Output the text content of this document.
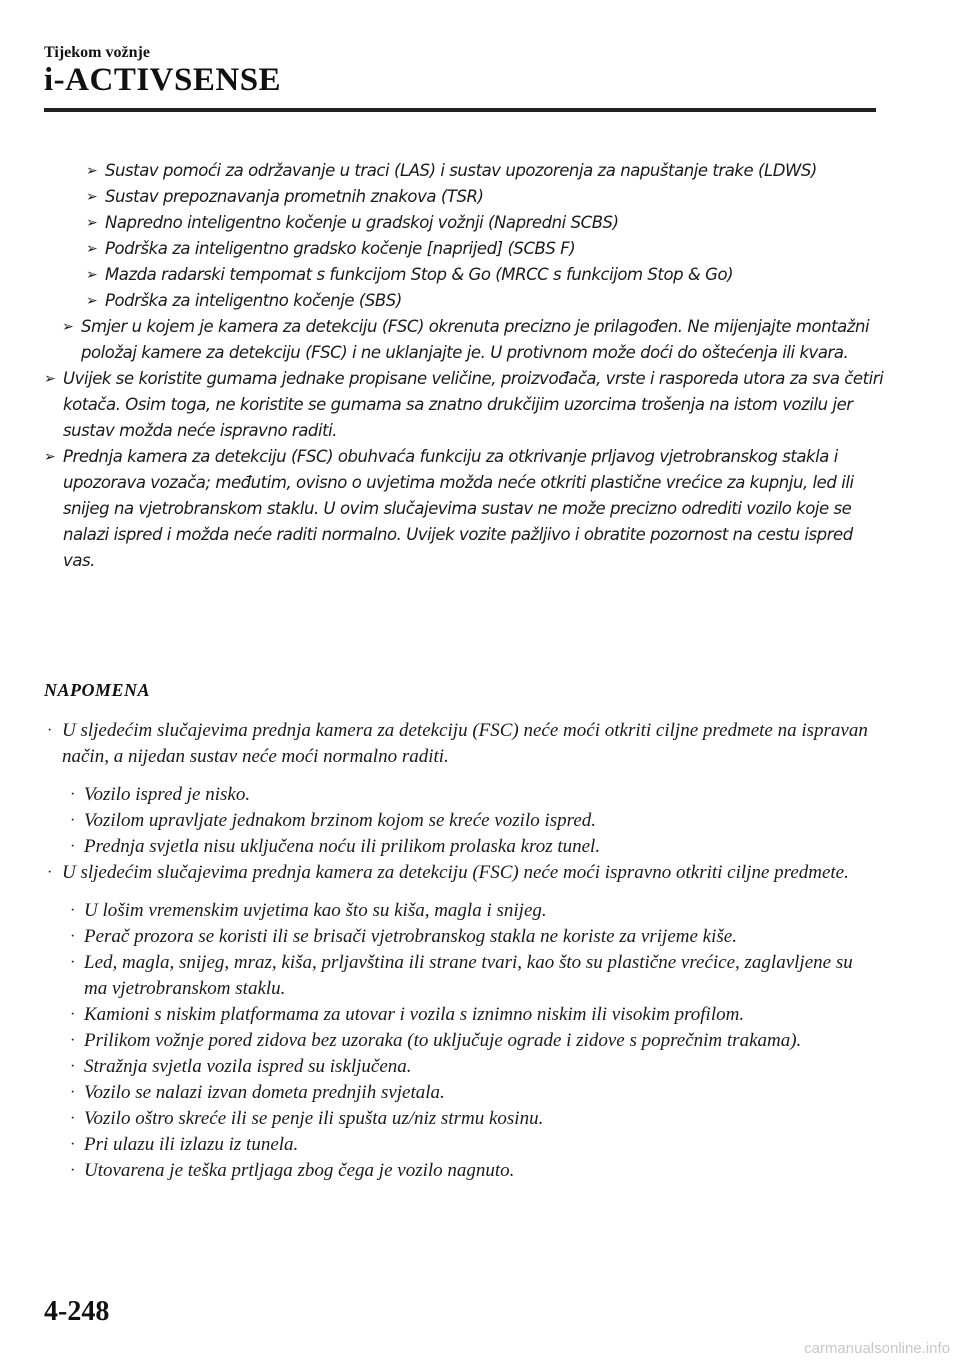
Tijekom vožnje
i-ACTIVSENSE
➢ Sustav pomoći za održavanje u traci (LAS) i sustav upozorenja za napuštanje trake (LDWS)
➢ Sustav prepoznavanja prometnih znakova (TSR)
➢ Napredno inteligentno kočenje u gradskoj vožnji (Napredni SCBS)
➢ Podrška za inteligentno gradsko kočenje [naprijed] (SCBS F)
➢ Mazda radarski tempomat s funkcijom Stop & Go (MRCC s funkcijom Stop & Go)
➢ Podrška za inteligentno kočenje (SBS)
➢ Smjer u kojem je kamera za detekciju (FSC) okrenuta precizno je prilagođen. Ne mijenjajte montažni položaj kamere za detekciju (FSC) i ne uklanjajte je. U protivnom može doći do oštećenja ili kvara.
➢ Uvijek se koristite gumama jednake propisane veličine, proizvođača, vrste i rasporeda utora za sva četiri kotača. Osim toga, ne koristite se gumama sa znatno drukčijim uzorcima trošenja na istom vozilu jer sustav možda neće ispravno raditi.
➢ Prednja kamera za detekciju (FSC) obuhvaća funkciju za otkrivanje prljavog vjetrobranskog stakla i upozorava vozača; međutim, ovisno o uvjetima možda neće otkriti plastične vrećice za kupnju, led ili snijeg na vjetrobranskom staklu. U ovim slučajevima sustav ne može precizno odrediti vozilo koje se nalazi ispred i možda neće raditi normalno. Uvijek vozite pažljivo i obratite pozornost na cestu ispred vas.
NAPOMENA
· U sljedećim slučajevima prednja kamera za detekciju (FSC) neće moći otkriti ciljne predmete na ispravan način, a nijedan sustav neće moći normalno raditi.
· Vozilo ispred je nisko.
· Vozilom upravljate jednakom brzinom kojom se kreće vozilo ispred.
· Prednja svjetla nisu uključena noću ili prilikom prolaska kroz tunel.
· U sljedećim slučajevima prednja kamera za detekciju (FSC) neće moći ispravno otkriti ciljne predmete.
· U lošim vremenskim uvjetima kao što su kiša, magla i snijeg.
· Perač prozora se koristi ili se brisači vjetrobranskog stakla ne koriste za vrijeme kiše.
· Led, magla, snijeg, mraz, kiša, prljavština ili strane tvari, kao što su plastične vrećice, zaglavljene su ma vjetrobranskom staklu.
· Kamioni s niskim platformama za utovar i vozila s iznimno niskim ili visokim profilom.
· Prilikom vožnje pored zidova bez uzoraka (to uključuje ograde i zidove s poprečnim trakama).
· Stražnja svjetla vozila ispred su isključena.
· Vozilo se nalazi izvan dometa prednjih svjetala.
· Vozilo oštro skreće ili se penje ili spušta uz/niz strmu kosinu.
· Pri ulazu ili izlazu iz tunela.
· Utovarena je teška prtljaga zbog čega je vozilo nagnuto.
4-248
carmanualsonline.info
